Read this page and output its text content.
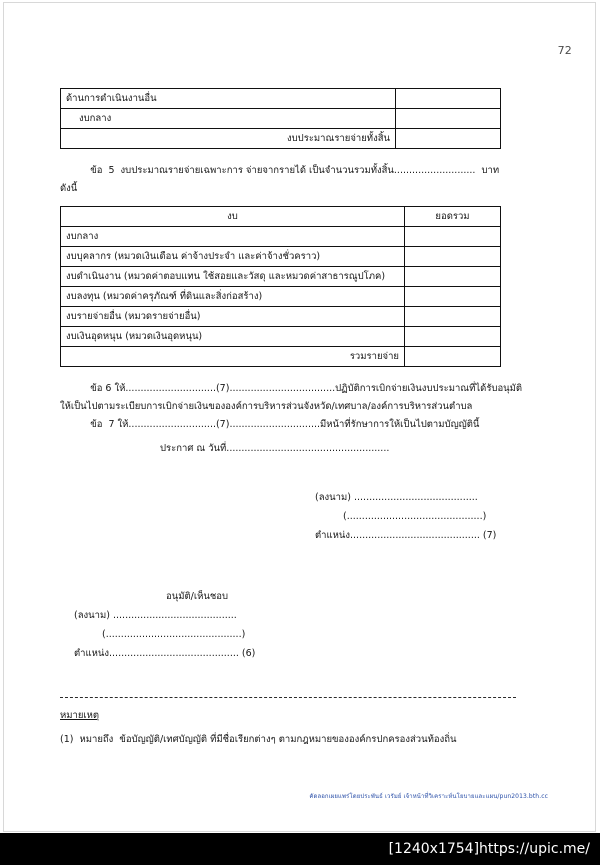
72
ด้านการดำเนินงานอื่น	
งบกลาง	
งบประมาณรายจ่ายทั้งสิ้น	

ข้อ  5  งบประมาณรายจ่ายเฉพาะการ จ่ายจากรายได้ เป็นจำนวนรวมทั้งสิ้น...........................  บาท

ดังนี้

งบ	ยอดรวม
งบกลาง	
งบบุคลากร (หมวดเงินเดือน ค่าจ้างประจำ และค่าจ้างชั่วคราว)	
งบดำเนินงาน (หมวดค่าตอบแทน ใช้สอยและวัสดุ และหมวดค่าสาธารณูปโภค)	
งบลงทุน (หมวดค่าครุภัณฑ์ ที่ดินและสิ่งก่อสร้าง)	
งบรายจ่ายอื่น (หมวดรายจ่ายอื่น)	
งบเงินอุดหนุน (หมวดเงินอุดหนุน)	
รวมรายจ่าย	

ข้อ 6 ให้..............................(7)...................................ปฏิบัติการเบิกจ่ายเงินงบประมาณที่ได้รับอนุมัติ

ให้เป็นไปตามระเบียบการเบิกจ่ายเงินขององค์การบริหารส่วนจังหวัด/เทศบาล/องค์การบริหารส่วนตำบล

ข้อ  7 ให้.............................(7)..............................มีหน้าที่รักษาการให้เป็นไปตามบัญญัตินี้

ประกาศ ณ วันที่......................................................

(ลงนาม) .........................................
(.............................................)
ตำแหน่ง........................................... (7)
อนุมัติ/เห็นชอบ
(ลงนาม) .........................................
(.............................................)
ตำแหน่ง........................................... (6)
หมายเหตุ
(1)  หมายถึง  ข้อบัญญัติ/เทศบัญญัติ ที่มีชื่อเรียกต่างๆ ตามกฎหมายขององค์กรปกครองส่วนท้องถิ่น
คัดลอกเผยแพร่โดยประพันธ์ เวรัมย์ เจ้าหน้าที่วิเคราะห์นโยบายและแผน/pun2013.bth.cc
[1240x1754]https://upic.me/
